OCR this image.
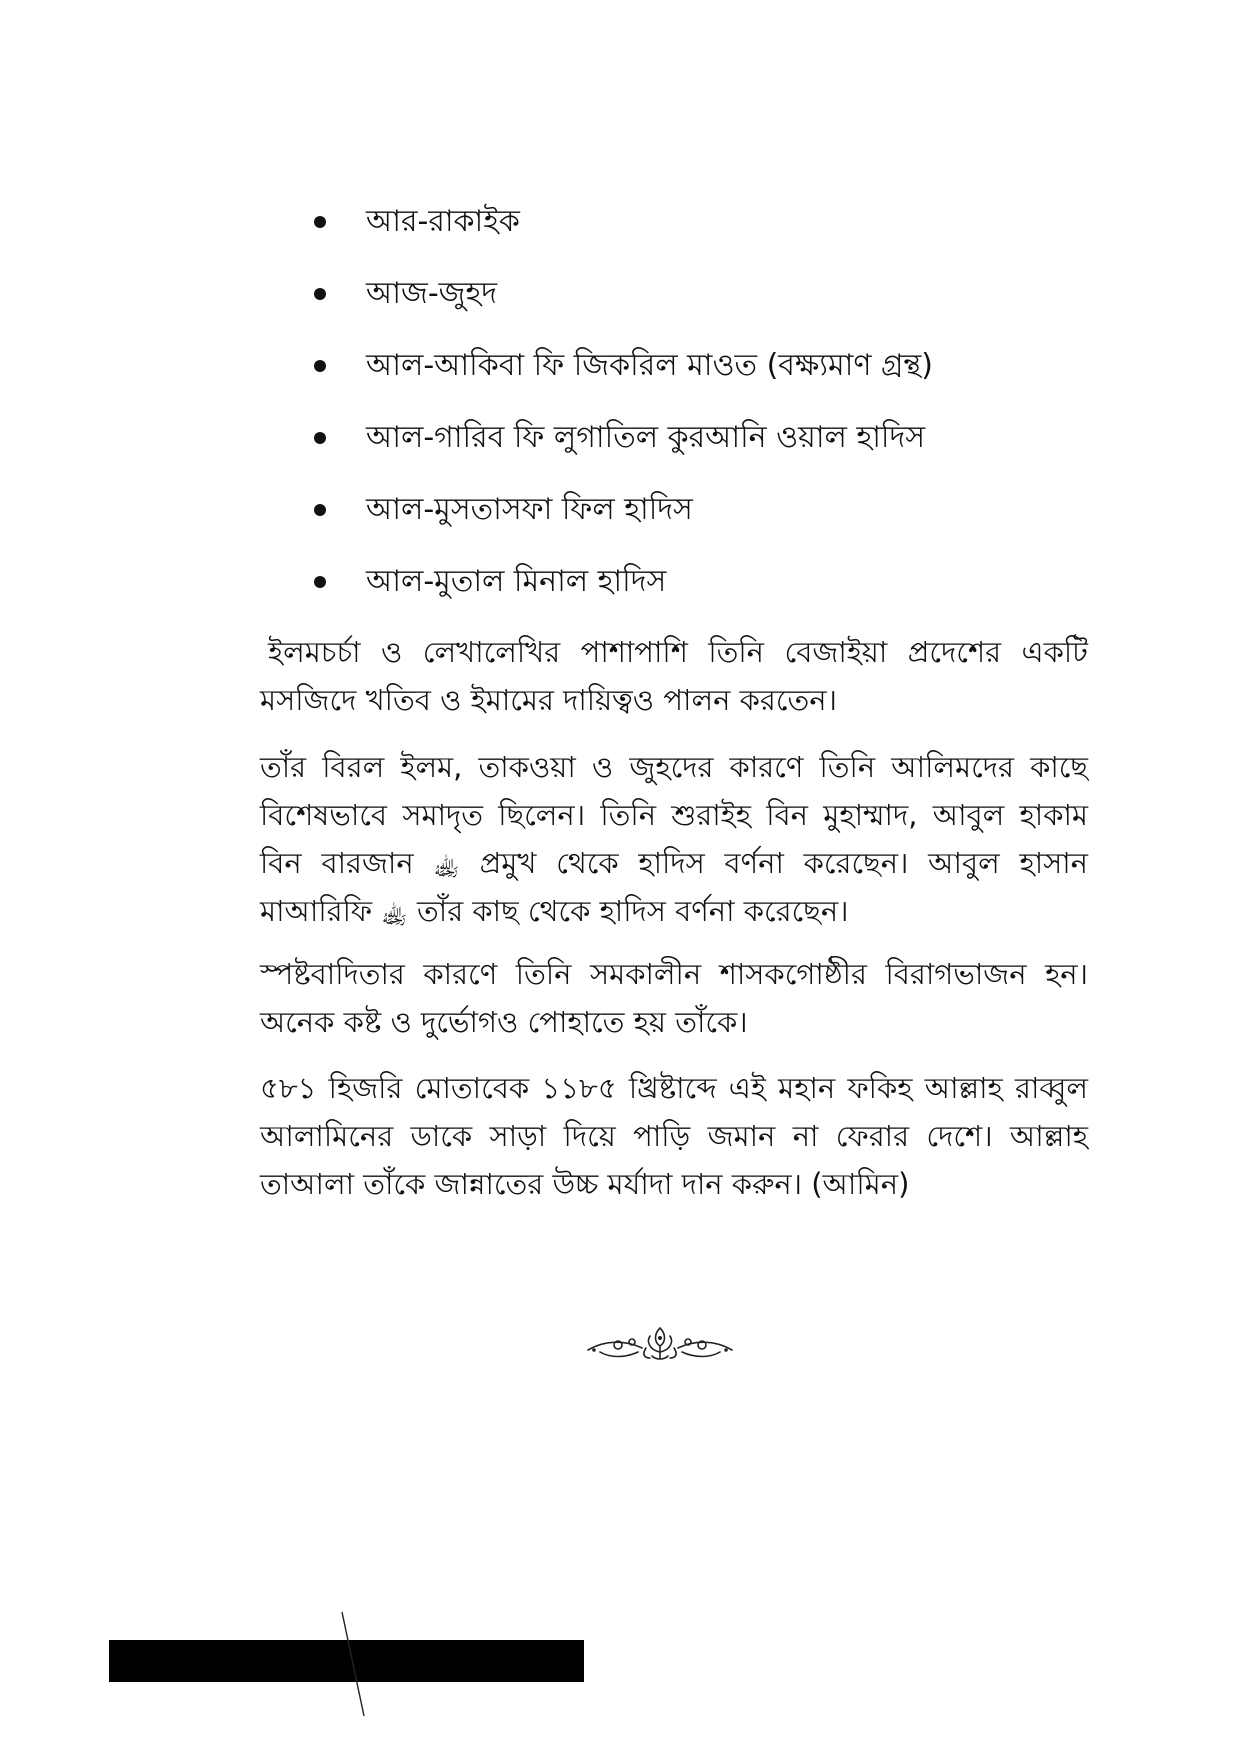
আর-রাকাইক
আজ-জুহদ
আল-আকিবা ফি জিকরিল মাওত (বক্ষ্যমাণ গ্রন্থ)
আল-গারিব ফি লুগাতিল কুরআনি ওয়াল হাদিস
আল-মুসতাসফা ফিল হাদিস
আল-মুতাল মিনাল হাদিস

ইলমচর্চা ও লেখালেখির পাশাপাশি তিনি বেজাইয়া প্রদেশের একটি মসজিদে খতিব ও ইমামের দায়িত্বও পালন করতেন।

তাঁর বিরল ইলম, তাকওয়া ও জুহদের কারণে তিনি আলিমদের কাছে বিশেষভাবে সমাদৃত ছিলেন। তিনি শুরাইহ বিন মুহাম্মাদ, আবুল হাকাম বিন বারজান ﵀ প্রমুখ থেকে হাদিস বর্ণনা করেছেন। আবুল হাসান মাআরিফি ﵀ তাঁর কাছ থেকে হাদিস বর্ণনা করেছেন।

স্পষ্টবাদিতার কারণে তিনি সমকালীন শাসকগোষ্ঠীর বিরাগভাজন হন। অনেক কষ্ট ও দুর্ভোগও পোহাতে হয় তাঁকে।

৫৮১ হিজরি মোতাবেক ১১৮৫ খ্রিষ্টাব্দে এই মহান ফকিহ আল্লাহ রাব্বুল আলামিনের ডাকে সাড়া দিয়ে পাড়ি জমান না ফেরার দেশে। আল্লাহ তাআলা তাঁকে জান্নাতের উচ্চ মর্যাদা দান করুন। (আমিন)
